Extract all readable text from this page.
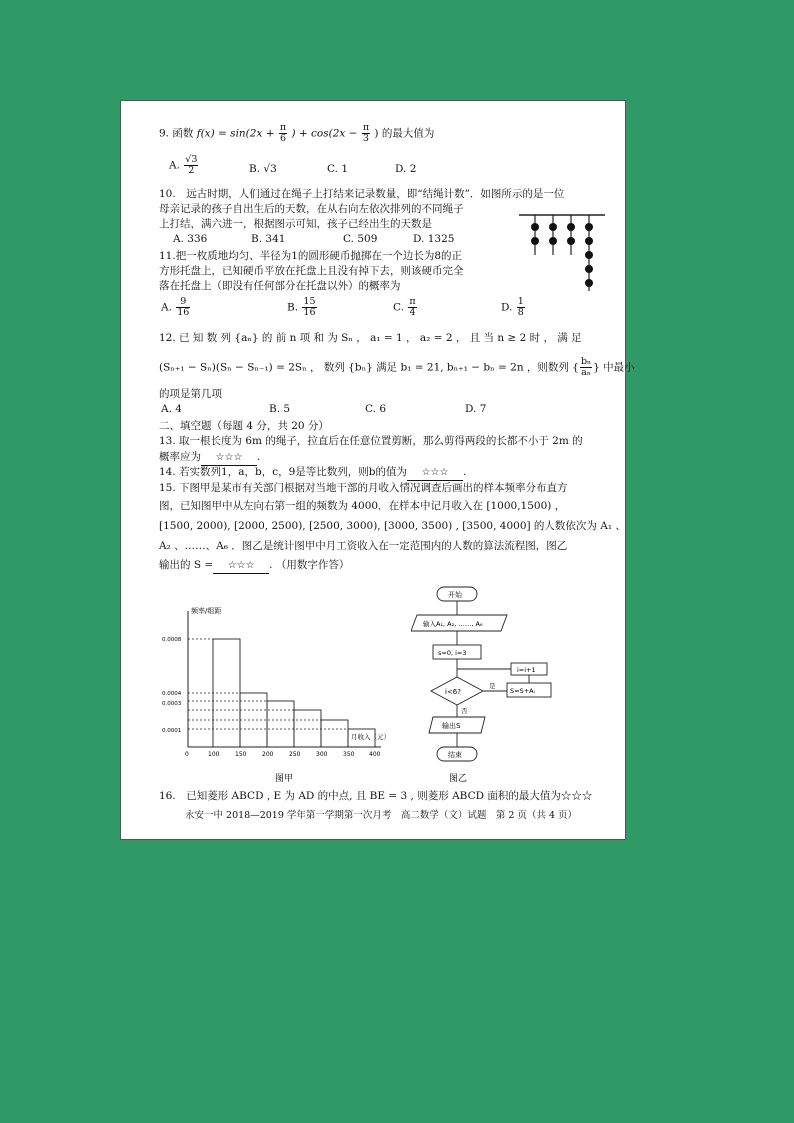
9. 函数 $f(x) = \sin(2x + \frac{\pi}{6}$ ) + $\cos(2x - \frac{\pi}{3}$ ) 的最大值为
A. $\frac{√3}{2}$	B. √3	C. 1	D. 2
10.　远古时期，人们通过在绳子上打结来记录数量，即“结绳计数”．如图所示的是一位
母亲记录的孩子自出生后的天数，在从右向左依次排列的不同绳子
上打结，满六进一，根据图示可知，孩子已经出生的天数是
A. 336	B. 341	C. 509	D. 1325
11.把一枚质地均匀、半径为1的圆形硬币抛掷在一个边长为8的正
方形托盘上，已知硬币平放在托盘上且没有掉下去，则该硬币完全
落在托盘上（即没有任何部分在托盘以外）的概率为
A. $\frac{9}{16}$	B. $\frac{15}{16}$	C. $\frac{\pi}{4}$	D. $\frac{1}{8}$
12. 已 知 数 列 {aₙ} 的 前 n 项 和 为 Sₙ ， a₁ = 1 ， a₂ = 2 ， 且 当 n ≥ 2 时 ， 满 足
(Sₙ₊₁ − Sₙ)(Sₙ − Sₙ₋₁) = 2Sₙ ， 数列 {bₙ} 满足 b₁ = 21, bₙ₊₁ − bₙ = 2n ，则数列 { $\frac{\text{bₙ}}{\text{aₙ}}$ } 中最小
的项是第几项
A. 4	B. 5	C. 6	D. 7
二、填空题（每题 4 分，共 20 分）
13. 取一根长度为 6m 的绳子，拉直后在任意位置剪断，那么剪得两段的长都不小于 2m 的
概率应为 ☆☆☆ .
14. 若实数列1，a，b，c，9是等比数列，则b的值为 ☆☆☆ .
15. 下图甲是某市有关部门根据对当地干部的月收入情况调查后画出的样本频率分布直方
图，已知图甲中从左向右第一组的频数为 4000．在样本中记月收入在 [1000,1500) ，
[1500, 2000), [2000, 2500), [2500, 3000), [3000, 3500) , [3500, 4000] 的人数依次为 A₁ 、
A₂ 、……、A₆ ．图乙是统计图甲中月工资收入在一定范围内的人数的算法流程图，图乙
输出的 S = ☆☆☆ . （用数字作答）
频率/组距
0.0008
0.0004
0.0003
0.0001
0	100	150	200	250	300	350 400
月收入（元）
图甲
开始
输入A₁, A₂, ……, A₆
s=0, i=3
i<6?
是
否
i=i+1
S=S+Aᵢ
输出S
结束
图乙
16.　已知菱形 ABCD , E 为 AD 的中点, 且 BE = 3 , 则菱形 ABCD 面积的最大值为☆☆☆
永安一中 2018—2019 学年第一学期第一次月考　高二数学（文）试题　第 2 页（共 4 页）
